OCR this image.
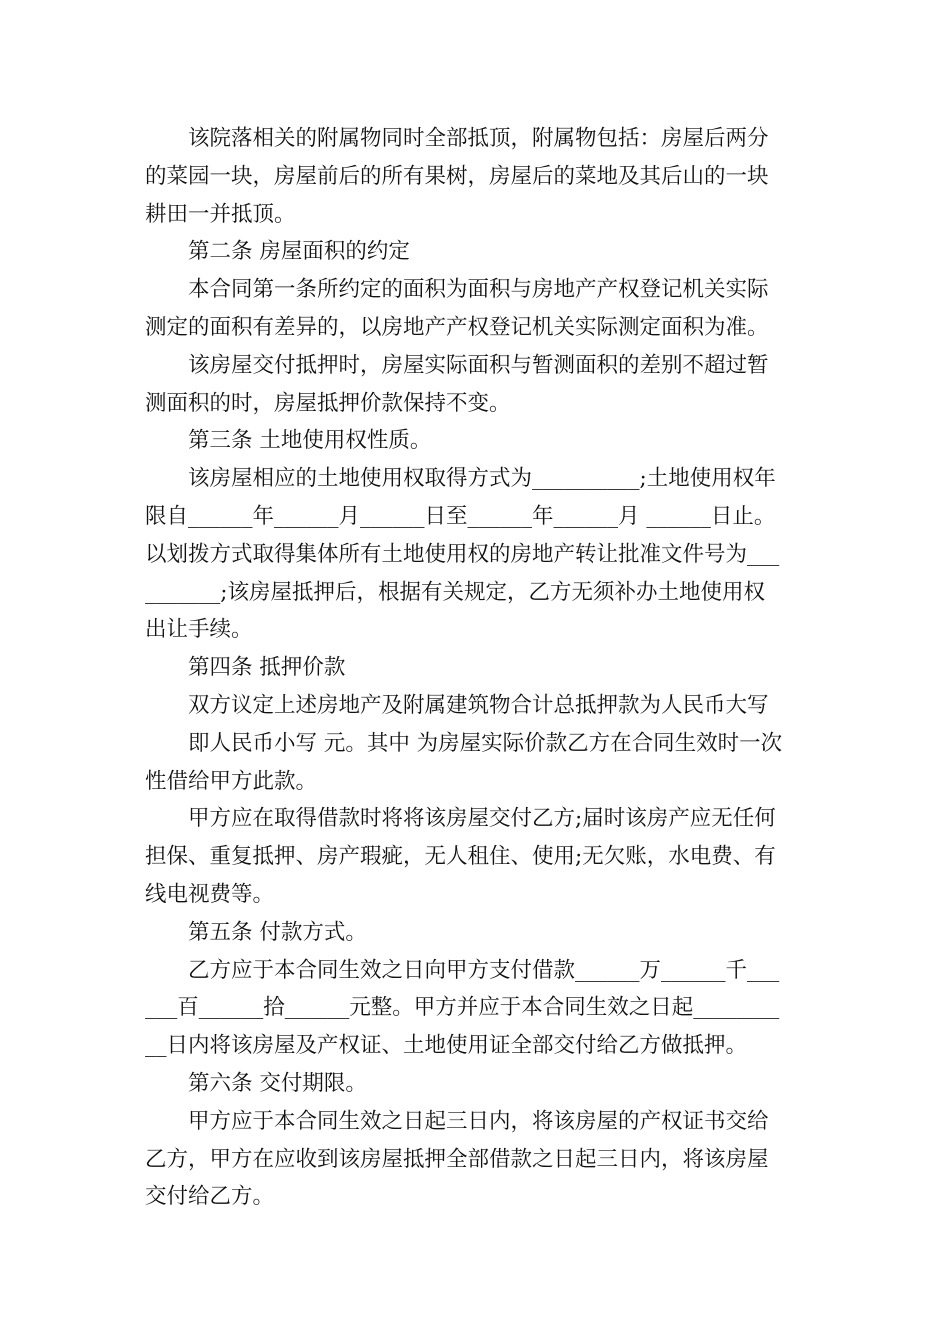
该院落相关的附属物同时全部抵顶，附属物包括：房屋后两分
的菜园一块，房屋前后的所有果树，房屋后的菜地及其后山的一块
耕田一并抵顶。
第二条 房屋面积的约定
本合同第一条所约定的面积为面积与房地产产权登记机关实际
测定的面积有差异的，以房地产产权登记机关实际测定面积为准。
该房屋交付抵押时，房屋实际面积与暂测面积的差别不超过暂
测面积的时，房屋抵押价款保持不变。
第三条 土地使用权性质。
该房屋相应的土地使用权取得方式为__________;土地使用权年
限自______年______月______日至______年______月 ______日止。
以划拨方式取得集体所有土地使用权的房地产转让批准文件号为___
_______;该房屋抵押后，根据有关规定，乙方无须补办土地使用权
出让手续。
第四条 抵押价款
双方议定上述房地产及附属建筑物合计总抵押款为人民币大写
即人民币小写 元。其中 为房屋实际价款乙方在合同生效时一次
性借给甲方此款。
甲方应在取得借款时将将该房屋交付乙方;届时该房产应无任何
担保、重复抵押、房产瑕疵，无人租住、使用;无欠账，水电费、有
线电视费等。
第五条 付款方式。
乙方应于本合同生效之日向甲方支付借款______万______千___
___百______拾______元整。甲方并应于本合同生效之日起________
__日内将该房屋及产权证、土地使用证全部交付给乙方做抵押。
第六条 交付期限。
甲方应于本合同生效之日起三日内，将该房屋的产权证书交给
乙方，甲方在应收到该房屋抵押全部借款之日起三日内，将该房屋
交付给乙方。
